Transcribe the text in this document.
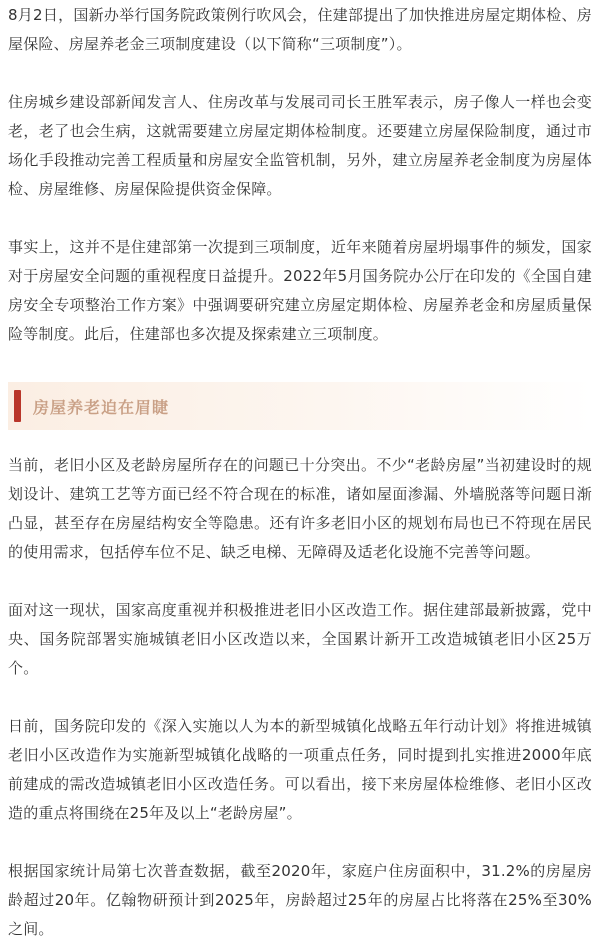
8月2日，国新办举行国务院政策例行吹风会，住建部提出了加快推进房屋定期体检、房屋保险、房屋养老金三项制度建设（以下简称“三项制度”）。

住房城乡建设部新闻发言人、住房改革与发展司司长王胜军表示，房子像人一样也会变老，老了也会生病，这就需要建立房屋定期体检制度。还要建立房屋保险制度，通过市场化手段推动完善工程质量和房屋安全监管机制，另外，建立房屋养老金制度为房屋体检、房屋维修、房屋保险提供资金保障。

事实上，这并不是住建部第一次提到三项制度，近年来随着房屋坍塌事件的频发，国家对于房屋安全问题的重视程度日益提升。2022年5月国务院办公厅在印发的《全国自建房安全专项整治工作方案》中强调要研究建立房屋定期体检、房屋养老金和房屋质量保险等制度。此后，住建部也多次提及探索建立三项制度。

房屋养老迫在眉睫

当前，老旧小区及老龄房屋所存在的问题已十分突出。不少“老龄房屋”当初建设时的规划设计、建筑工艺等方面已经不符合现在的标准，诸如屋面渗漏、外墙脱落等问题日渐凸显，甚至存在房屋结构安全等隐患。还有许多老旧小区的规划布局也已不符现在居民的使用需求，包括停车位不足、缺乏电梯、无障碍及适老化设施不完善等问题。

面对这一现状，国家高度重视并积极推进老旧小区改造工作。据住建部最新披露，党中央、国务院部署实施城镇老旧小区改造以来，全国累计新开工改造城镇老旧小区25万个。

日前，国务院印发的《深入实施以人为本的新型城镇化战略五年行动计划》将推进城镇老旧小区改造作为实施新型城镇化战略的一项重点任务，同时提到扎实推进2000年底前建成的需改造城镇老旧小区改造任务。可以看出，接下来房屋体检维修、老旧小区改造的重点将围绕在25年及以上“老龄房屋”。

根据国家统计局第七次普查数据，截至2020年，家庭户住房面积中，31.2%的房屋房龄超过20年。亿翰物研预计到2025年，房龄超过25年的房屋占比将落在25%至30%之间。
